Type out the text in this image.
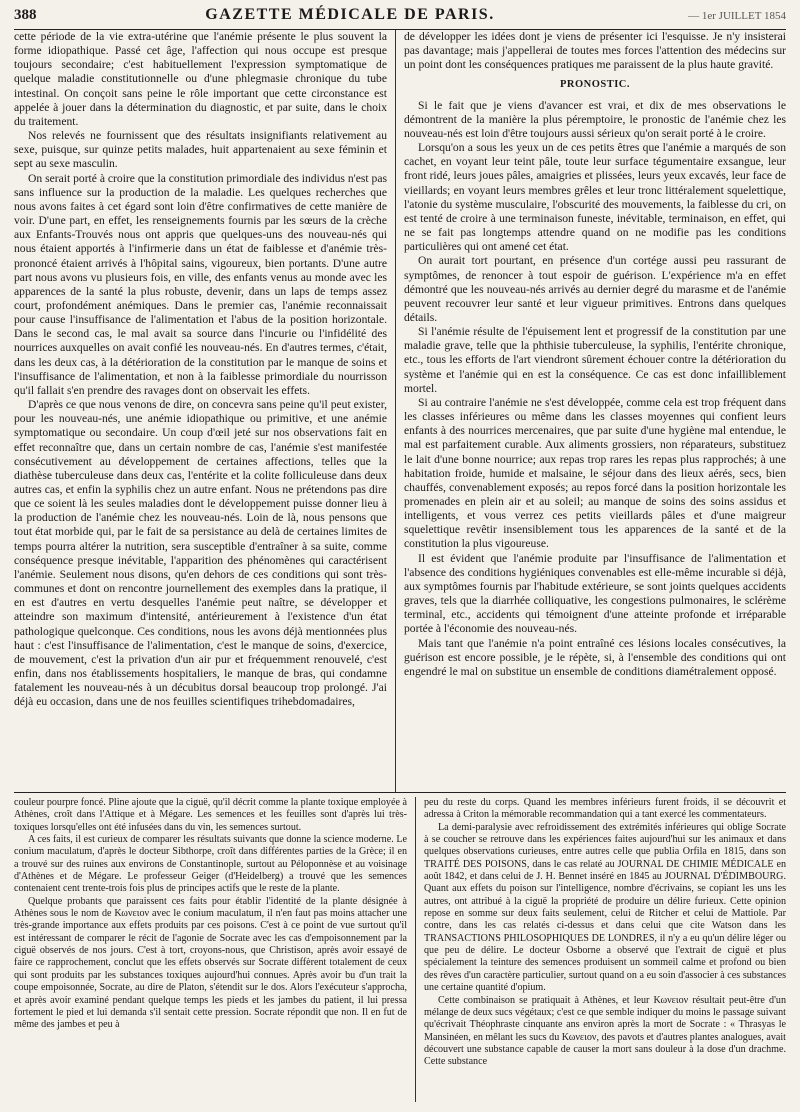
388	GAZETTE MÉDICALE DE PARIS.	— 1er JUILLET 1854

cette période de la vie extra-utérine que l'anémie présente le plus souvent la forme idiopathique. Passé cet âge, l'affection qui nous occupe est presque toujours secondaire; c'est habituellement l'expression symptomatique de quelque maladie constitutionnelle ou d'une phlegmasie chronique du tube intestinal. On conçoit sans peine le rôle important que cette circonstance est appelée à jouer dans la détermination du diagnostic, et par suite, dans le choix du traitement.

Nos relevés ne fournissent que des résultats insignifiants relativement au sexe, puisque, sur quinze petits malades, huit appartenaient au sexe féminin et sept au sexe masculin.

On serait porté à croire que la constitution primordiale des individus n'est pas sans influence sur la production de la maladie. Les quelques recherches que nous avons faites à cet égard sont loin d'être confirmatives de cette manière de voir. D'une part, en effet, les renseignements fournis par les sœurs de la crèche aux Enfants-Trouvés nous ont appris que quelques-uns des nouveau-nés qui nous étaient apportés à l'infirmerie dans un état de faiblesse et d'anémie très-prononcé étaient arrivés à l'hôpital sains, vigoureux, bien portants. D'une autre part nous avons vu plusieurs fois, en ville, des enfants venus au monde avec les apparences de la santé la plus robuste, devenir, dans un laps de temps assez court, profondément anémiques. Dans le premier cas, l'anémie reconnaissait pour cause l'insuffisance de l'alimentation et l'abus de la position horizontale. Dans le second cas, le mal avait sa source dans l'incurie ou l'infidélité des nourrices auxquelles on avait confié les nouveau-nés. En d'autres termes, c'était, dans les deux cas, à la détérioration de la constitution par le manque de soins et l'insuffisance de l'alimentation, et non à la faiblesse primordiale du nourrisson qu'il fallait s'en prendre des ravages dont on observait les effets.

D'après ce que nous venons de dire, on concevra sans peine qu'il peut exister, pour les nouveau-nés, une anémie idiopathique ou primitive, et une anémie symptomatique ou secondaire. Un coup d'œil jeté sur nos observations fait en effet reconnaître que, dans un certain nombre de cas, l'anémie s'est manifestée consécutivement au développement de certaines affections, telles que la diathèse tuberculeuse dans deux cas, l'entérite et la colite folliculeuse dans deux autres cas, et enfin la syphilis chez un autre enfant. Nous ne prétendons pas dire que ce soient là les seules maladies dont le développement puisse donner lieu à la production de l'anémie chez les nouveau-nés. Loin de là, nous pensons que tout état morbide qui, par le fait de sa persistance au delà de certaines limites de temps pourra altérer la nutrition, sera susceptible d'entraîner à sa suite, comme conséquence presque inévitable, l'apparition des phénomènes qui caractérisent l'anémie. Seulement nous disons, qu'en dehors de ces conditions qui sont très-communes et dont on rencontre journellement des exemples dans la pratique, il en est d'autres en vertu desquelles l'anémie peut naître, se développer et atteindre son maximum d'intensité, antérieurement à l'existence d'un état pathologique quelconque. Ces conditions, nous les avons déjà mentionnées plus haut : c'est l'insuffisance de l'alimentation, c'est le manque de soins, d'exercice, de mouvement, c'est la privation d'un air pur et fréquemment renouvelé, c'est enfin, dans nos établissements hospitaliers, le manque de bras, qui condamne fatalement les nouveau-nés à un décubitus dorsal beaucoup trop prolongé. J'ai déjà eu occasion, dans une de nos feuilles scientifiques trihebdomadaires,

de développer les idées dont je viens de présenter ici l'esquisse. Je n'y insisterai pas davantage; mais j'appellerai de toutes mes forces l'attention des médecins sur un point dont les conséquences pratiques me paraissent de la plus haute gravité.

PRONOSTIC.

Si le fait que je viens d'avancer est vrai, et dix de mes observations le démontrent de la manière la plus péremptoire, le pronostic de l'anémie chez les nouveau-nés est loin d'être toujours aussi sérieux qu'on serait porté à le croire.

Lorsqu'on a sous les yeux un de ces petits êtres que l'anémie a marqués de son cachet, en voyant leur teint pâle, toute leur surface tégumentaire exsangue, leur front ridé, leurs joues pâles, amaigries et plissées, leurs yeux excavés, leur face de vieillards; en voyant leurs membres grêles et leur tronc littéralement squelettique, l'atonie du système musculaire, l'obscurité des mouvements, la faiblesse du cri, on est tenté de croire à une terminaison funeste, inévitable, terminaison, en effet, qui ne se fait pas longtemps attendre quand on ne modifie pas les conditions particulières qui ont amené cet état.

On aurait tort pourtant, en présence d'un cortége aussi peu rassurant de symptômes, de renoncer à tout espoir de guérison. L'expérience m'a en effet démontré que les nouveau-nés arrivés au dernier degré du marasme et de l'anémie peuvent recouvrer leur santé et leur vigueur primitives. Entrons dans quelques détails.

Si l'anémie résulte de l'épuisement lent et progressif de la constitution par une maladie grave, telle que la phthisie tuberculeuse, la syphilis, l'entérite chronique, etc., tous les efforts de l'art viendront sûrement échouer contre la détérioration du système et l'anémie qui en est la conséquence. Ce cas est donc infailliblement mortel.

Si au contraire l'anémie ne s'est développée, comme cela est trop fréquent dans les classes inférieures ou même dans les classes moyennes qui confient leurs enfants à des nourrices mercenaires, que par suite d'une hygiène mal entendue, le mal est parfaitement curable. Aux aliments grossiers, non réparateurs, substituez le lait d'une bonne nourrice; aux repas trop rares les repas plus rapprochés; à une habitation froide, humide et malsaine, le séjour dans des lieux aérés, secs, bien chauffés, convenablement exposés; au repos forcé dans la position horizontale les promenades en plein air et au soleil; au manque de soins des soins assidus et intelligents, et vous verrez ces petits vieillards pâles et d'une maigreur squelettique revêtir insensiblement tous les apparences de la santé et de la constitution la plus vigoureuse.

Il est évident que l'anémie produite par l'insuffisance de l'alimentation et l'absence des conditions hygiéniques convenables est elle-même incurable si déjà, aux symptômes fournis par l'habitude extérieure, se sont joints quelques accidents graves, tels que la diarrhée colliquative, les congestions pulmonaires, le sclérème terminal, etc., accidents qui témoignent d'une atteinte profonde et irréparable portée à l'économie des nouveau-nés.

Mais tant que l'anémie n'a point entraîné ces lésions locales consécutives, la guérison est encore possible, je le répète, si, à l'ensemble des conditions qui ont engendré le mal on substitue un ensemble de conditions diamétralement opposé.

couleur pourpre foncé. Pline ajoute que la ciguë, qu'il décrit comme la plante toxique employée à Athènes, croît dans l'Attique et à Mégare. Les semences et les feuilles sont d'après lui très-toxiques lorsqu'elles ont été infusées dans du vin, les semences surtout.

A ces faits, il est curieux de comparer les résultats suivants que donne la science moderne. Le conium maculatum, d'après le docteur Sibthorpe, croît dans différentes parties de la Grèce; il en a trouvé sur des ruines aux environs de Constantinople, surtout au Péloponnèse et au voisinage d'Athènes et de Mégare. Le professeur Geiger (d'Heidelberg) a trouvé que les semences contenaient cent trente-trois fois plus de principes actifs que le reste de la plante.

Quelque probants que paraissent ces faits pour établir l'identité de la plante désignée à Athènes sous le nom de Κωνειον avec le conium maculatum, il n'en faut pas moins attacher une très-grande importance aux effets produits par ces poisons. C'est à ce point de vue surtout qu'il est intéressant de comparer le récit de l'agonie de Socrate avec les cas d'empoisonnement par la ciguë observés de nos jours. C'est à tort, croyons-nous, que Christison, après avoir essayé de faire ce rapprochement, conclut que les effets observés sur Socrate diffèrent totalement de ceux qui sont produits par les substances toxiques aujourd'hui connues. Après avoir bu d'un trait la coupe empoisonnée, Socrate, au dire de Platon, s'étendit sur le dos. Alors l'exécuteur s'approcha, et après avoir examiné pendant quelque temps les pieds et les jambes du patient, il lui pressa fortement le pied et lui demanda s'il sentait cette pression. Socrate répondit que non. Il en fut de même des jambes et peu à

peu du reste du corps. Quand les membres inférieurs furent froids, il se découvrit et adressa à Criton la mémorable recommandation qui a tant exercé les commentateurs.

La demi-paralysie avec refroidissement des extrémités inférieures qui oblige Socrate à se coucher se retrouve dans les expériences faites aujourd'hui sur les animaux et dans quelques observations curieuses, entre autres celle que publia Orfila en 1815, dans son TRAITÉ DES POISONS, dans le cas relaté au JOURNAL DE CHIMIE MÉDICALE en août 1842, et dans celui de J. H. Bennet inséré en 1845 au JOURNAL D'ÉDIMBOURG. Quant aux effets du poison sur l'intelligence, nombre d'écrivains, se copiant les uns les autres, ont attribué à la ciguë la propriété de produire un délire furieux. Cette opinion repose en somme sur deux faits seulement, celui de Ritcher et celui de Mattiole. Par contre, dans les cas relatés ci-dessus et dans celui que cite Watson dans les TRANSACTIONS PHILOSOPHIQUES DE LONDRES, il n'y a eu qu'un délire léger ou que peu de délire. Le docteur Osborne a observé que l'extrait de ciguë et plus spécialement la teinture des semences produisent un sommeil calme et profond ou bien des rêves d'un caractère particulier, surtout quand on a eu soin d'associer à ces substances une certaine quantité d'opium.

Cette combinaison se pratiquait à Athènes, et leur Κωνειον résultait peut-être d'un mélange de deux sucs végétaux; c'est ce que semble indiquer du moins le passage suivant qu'écrivait Théophraste cinquante ans environ après la mort de Socrate : « Thrasyas le Mansinéen, en mêlant les sucs du Κωνειον, des pavots et d'autres plantes analogues, avait découvert une substance capable de causer la mort sans douleur à la dose d'un drachme. Cette substance
